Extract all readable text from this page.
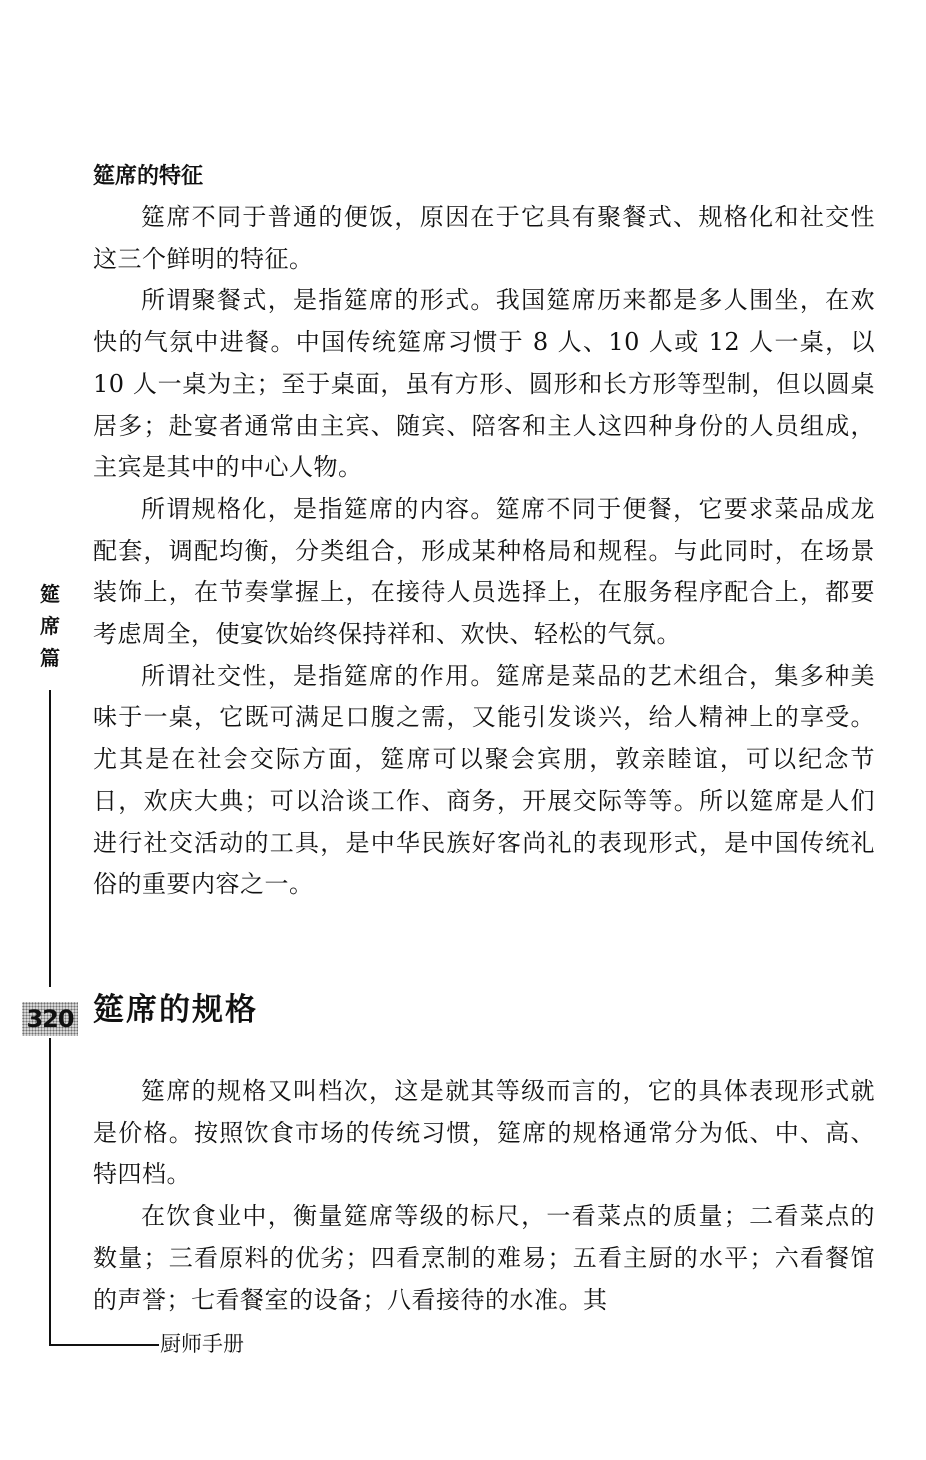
筵席的特征

筵席不同于普通的便饭，原因在于它具有聚餐式、规格化和社交性这三个鲜明的特征。

所谓聚餐式，是指筵席的形式。我国筵席历来都是多人围坐，在欢快的气氛中进餐。中国传统筵席习惯于 8 人、10 人或 12 人一桌，以 10 人一桌为主；至于桌面，虽有方形、圆形和长方形等型制，但以圆桌居多；赴宴者通常由主宾、随宾、陪客和主人这四种身份的人员组成，主宾是其中的中心人物。

所谓规格化，是指筵席的内容。筵席不同于便餐，它要求菜品成龙配套，调配均衡，分类组合，形成某种格局和规程。与此同时，在场景装饰上，在节奏掌握上，在接待人员选择上，在服务程序配合上，都要考虑周全，使宴饮始终保持祥和、欢快、轻松的气氛。

所谓社交性，是指筵席的作用。筵席是菜品的艺术组合，集多种美味于一桌，它既可满足口腹之需，又能引发谈兴，给人精神上的享受。尤其是在社会交际方面，筵席可以聚会宾朋，敦亲睦谊，可以纪念节日，欢庆大典；可以洽谈工作、商务，开展交际等等。所以筵席是人们进行社交活动的工具，是中华民族好客尚礼的表现形式，是中国传统礼俗的重要内容之一。

筵席的规格

筵席的规格又叫档次，这是就其等级而言的，它的具体表现形式就是价格。按照饮食市场的传统习惯，筵席的规格通常分为低、中、高、特四档。

在饮食业中，衡量筵席等级的标尺，一看菜点的质量；二看菜点的数量；三看原料的优劣；四看烹制的难易；五看主厨的水平；六看餐馆的声誉；七看餐室的设备；八看接待的水准。其

筵
席
篇
320
厨师手册
